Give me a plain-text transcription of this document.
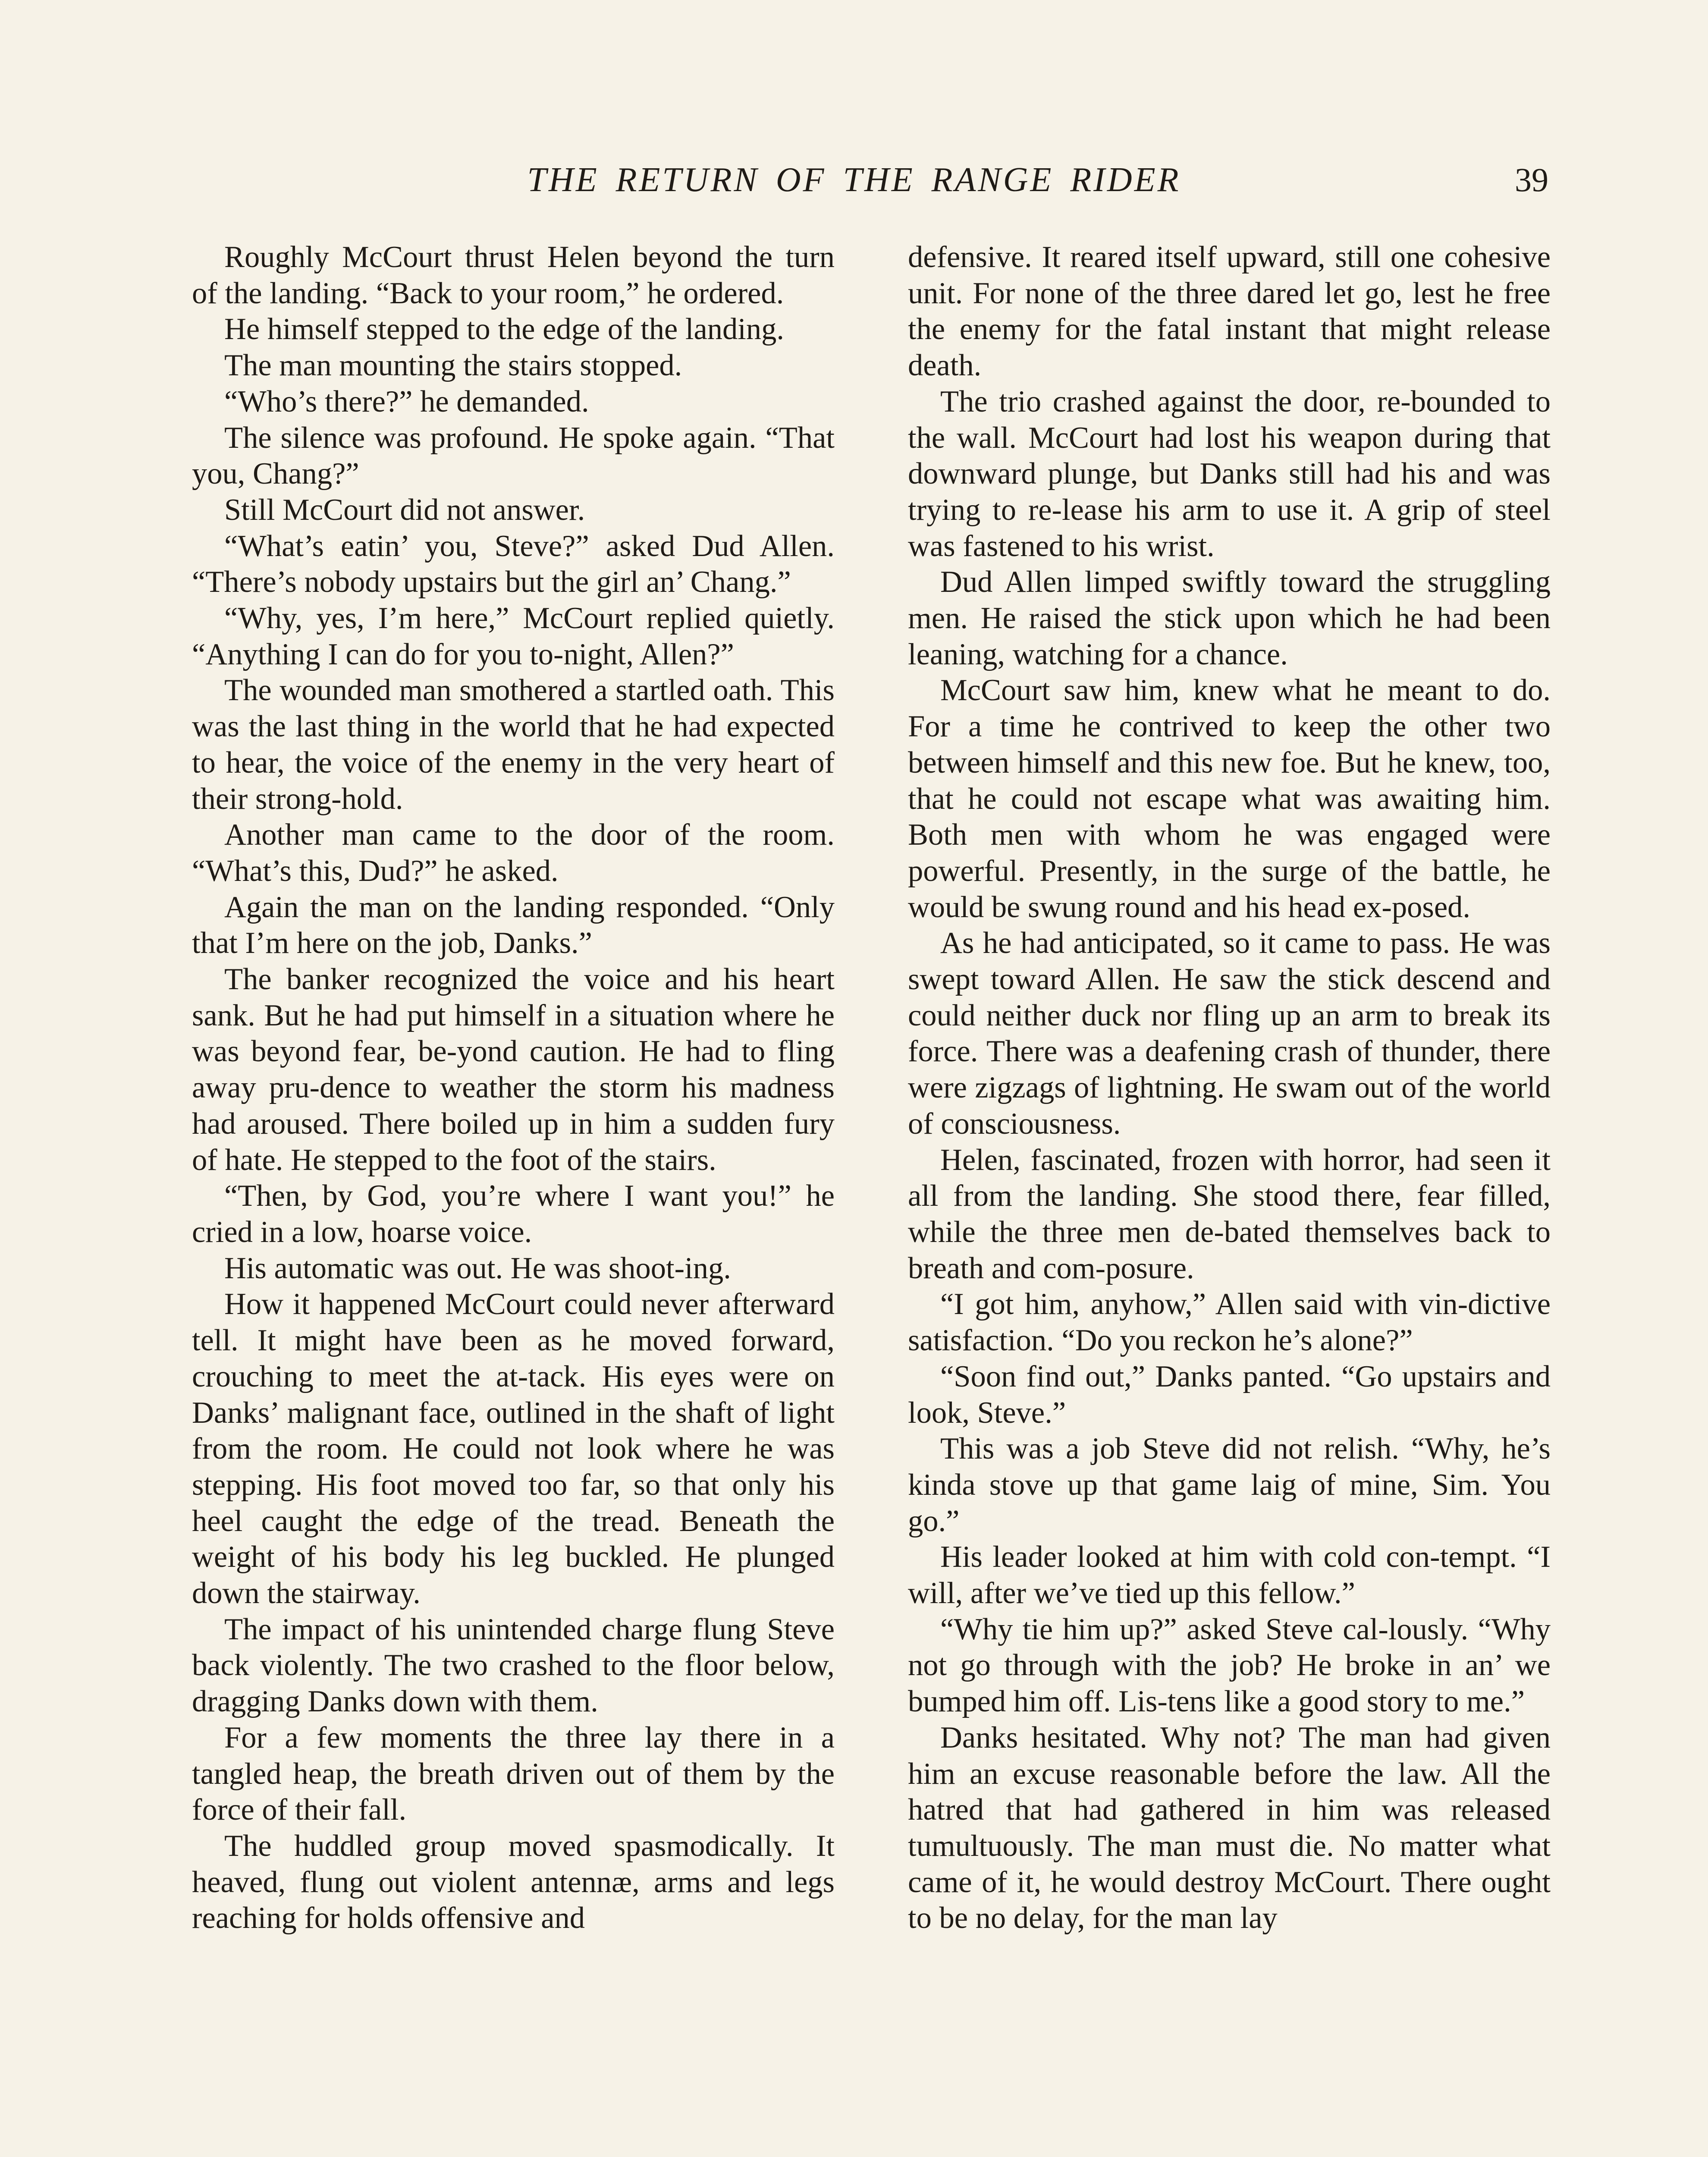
THE RETURN OF THE RANGE RIDER	39

Roughly McCourt thrust Helen beyond the turn of the landing. “Back to your room,” he ordered.

He himself stepped to the edge of the landing.

The man mounting the stairs stopped.

“Who’s there?” he demanded.

The silence was profound. He spoke again. “That you, Chang?”

Still McCourt did not answer.

“What’s eatin’ you, Steve?” asked Dud Allen. “There’s nobody upstairs but the girl an’ Chang.”

“Why, yes, I’m here,” McCourt replied quietly. “Anything I can do for you to-night, Allen?”

The wounded man smothered a startled oath. This was the last thing in the world that he had expected to hear, the voice of the enemy in the very heart of their strong-hold.

Another man came to the door of the room. “What’s this, Dud?” he asked.

Again the man on the landing responded. “Only that I’m here on the job, Danks.”

The banker recognized the voice and his heart sank. But he had put himself in a situation where he was beyond fear, be-yond caution. He had to fling away pru-dence to weather the storm his madness had aroused. There boiled up in him a sudden fury of hate. He stepped to the foot of the stairs.

“Then, by God, you’re where I want you!” he cried in a low, hoarse voice.

His automatic was out. He was shoot-ing.

How it happened McCourt could never afterward tell. It might have been as he moved forward, crouching to meet the at-tack. His eyes were on Danks’ malignant face, outlined in the shaft of light from the room. He could not look where he was stepping. His foot moved too far, so that only his heel caught the edge of the tread. Beneath the weight of his body his leg buckled. He plunged down the stairway.

The impact of his unintended charge flung Steve back violently. The two crashed to the floor below, dragging Danks down with them.

For a few moments the three lay there in a tangled heap, the breath driven out of them by the force of their fall.

The huddled group moved spasmodically. It heaved, flung out violent antennæ, arms and legs reaching for holds offensive and

defensive. It reared itself upward, still one cohesive unit. For none of the three dared let go, lest he free the enemy for the fatal instant that might release death.

The trio crashed against the door, re-bounded to the wall. McCourt had lost his weapon during that downward plunge, but Danks still had his and was trying to re-lease his arm to use it. A grip of steel was fastened to his wrist.

Dud Allen limped swiftly toward the struggling men. He raised the stick upon which he had been leaning, watching for a chance.

McCourt saw him, knew what he meant to do. For a time he contrived to keep the other two between himself and this new foe. But he knew, too, that he could not escape what was awaiting him. Both men with whom he was engaged were powerful. Presently, in the surge of the battle, he would be swung round and his head ex-posed.

As he had anticipated, so it came to pass. He was swept toward Allen. He saw the stick descend and could neither duck nor fling up an arm to break its force. There was a deafening crash of thunder, there were zigzags of lightning. He swam out of the world of consciousness.

Helen, fascinated, frozen with horror, had seen it all from the landing. She stood there, fear filled, while the three men de-bated themselves back to breath and com-posure.

“I got him, anyhow,” Allen said with vin-dictive satisfaction. “Do you reckon he’s alone?”

“Soon find out,” Danks panted. “Go upstairs and look, Steve.”

This was a job Steve did not relish. “Why, he’s kinda stove up that game laig of mine, Sim. You go.”

His leader looked at him with cold con-tempt. “I will, after we’ve tied up this fellow.”

“Why tie him up?” asked Steve cal-lously. “Why not go through with the job? He broke in an’ we bumped him off. Lis-tens like a good story to me.”

Danks hesitated. Why not? The man had given him an excuse reasonable before the law. All the hatred that had gathered in him was released tumultuously. The man must die. No matter what came of it, he would destroy McCourt. There ought to be no delay, for the man lay
